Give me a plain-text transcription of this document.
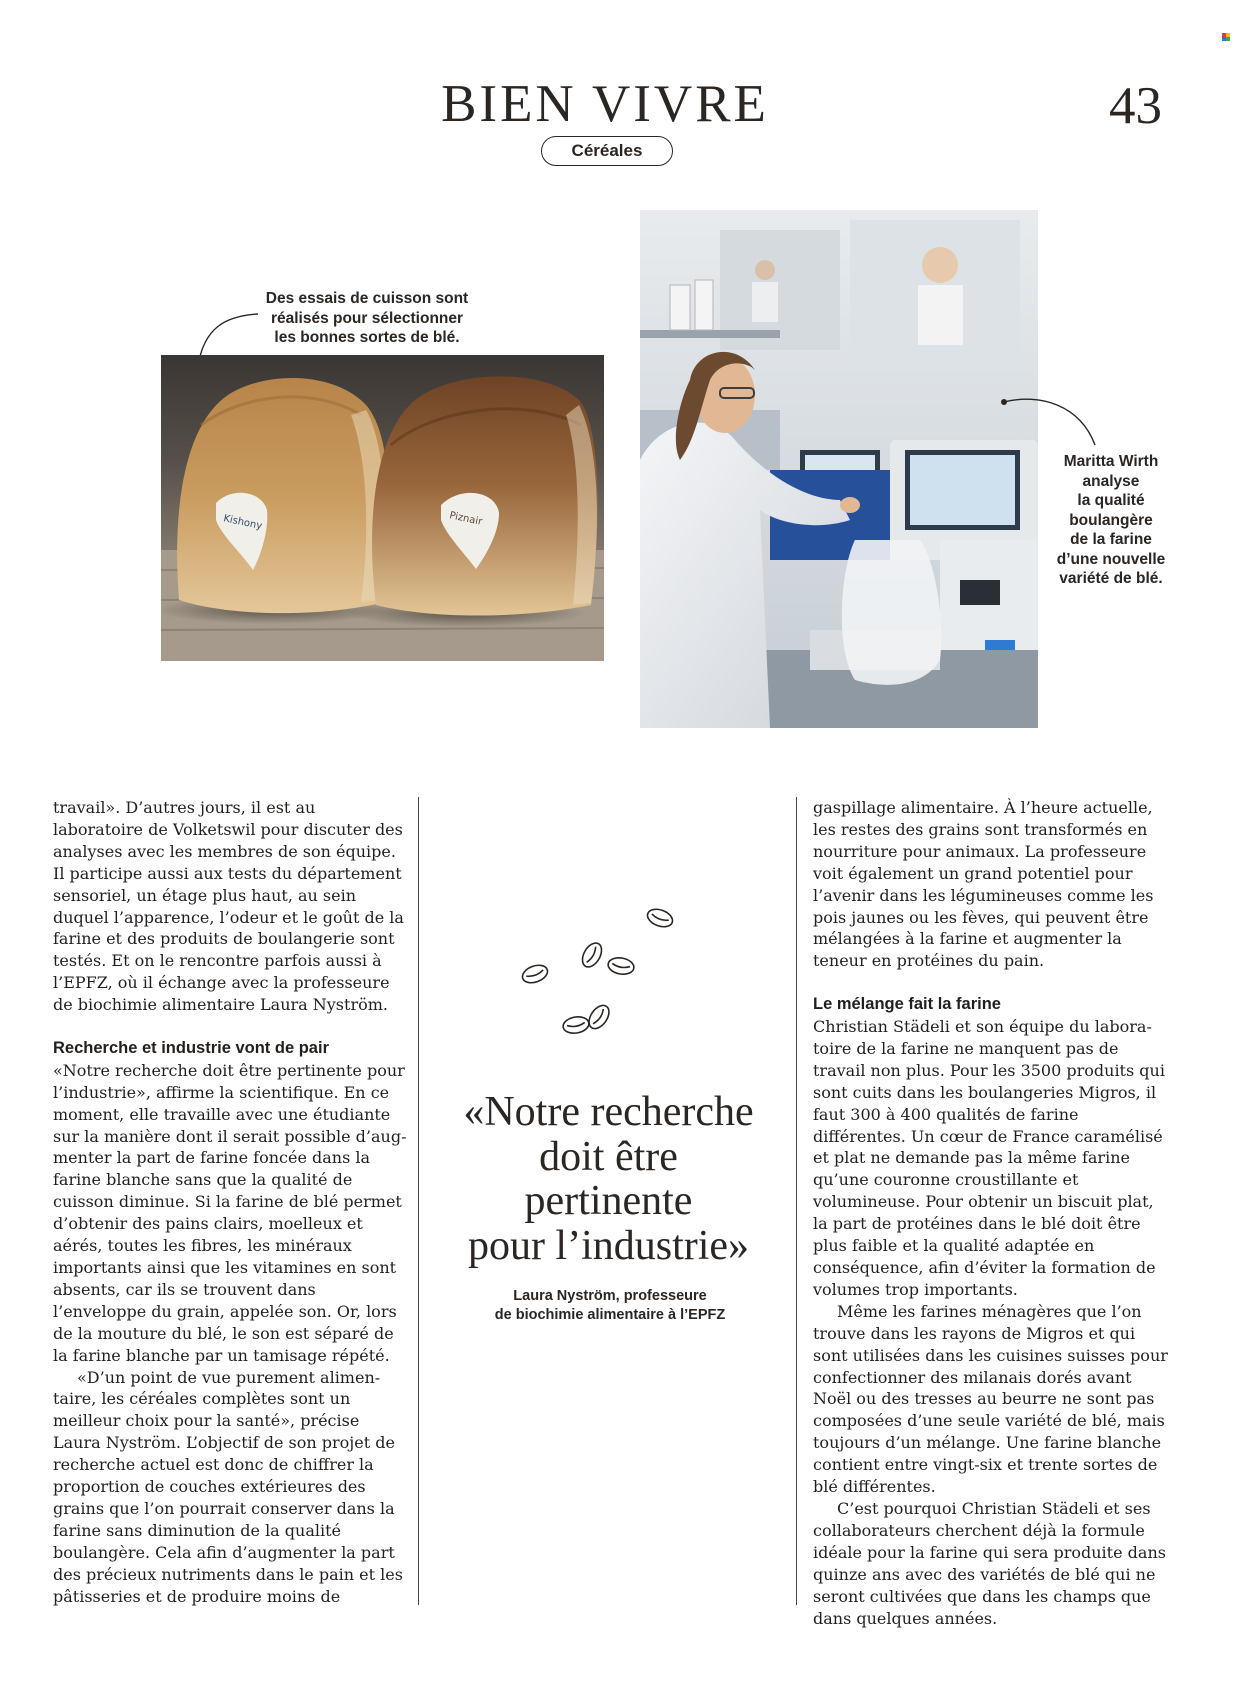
BIEN VIVRE	43
Céréales
Des essais de cuisson sont
réalisés pour sélectionner
les bonnes sortes de blé.
Kishony	Piznair
Maritta Wirth
analyse
la qualité
boulangère
de la farine
d’une nouvelle
variété de blé.

travail». D’autres jours, il est au laboratoire de Volketswil pour discuter des analyses avec les membres de son équipe. Il participe aussi aux tests du département sensoriel, un étage plus haut, au sein duquel l’apparence, l’odeur et le goût de la farine et des produits de boulangerie sont testés. Et on le rencontre parfois aussi à l’EPFZ, où il échange avec la professeure de biochimie alimentaire Laura Nyström.

Recherche et industrie vont de pair

«Notre recherche doit être pertinente pour l’industrie», affirme la scientifique. En ce moment, elle travaille avec une étudiante sur la manière dont il serait possible d’augmenter la part de farine foncée dans la farine blanche sans que la qualité de cuisson diminue. Si la farine de blé permet d’obtenir des pains clairs, moelleux et aérés, toutes les fibres, les minéraux importants ainsi que les vitamines en sont absents, car ils se trouvent dans l’enveloppe du grain, appelée son. Or, lors de la mouture du blé, le son est séparé de la farine blanche par un tamisage répété.

«D’un point de vue purement alimentaire, les céréales complètes sont un meilleur choix pour la santé», précise Laura Nyström. L’objectif de son projet de recherche actuel est donc de chiffrer la proportion de couches extérieures des grains que l’on pourrait conserver dans la farine sans diminution de la qualité boulangère. Cela afin d’augmenter la part des précieux nutriments dans le pain et les pâtisseries et de produire moins de

«Notre recherche
doit être
pertinente
pour l’industrie»
Laura Nyström, professeure
de biochimie alimentaire à l’EPFZ

gaspillage alimentaire. À l’heure actuelle, les restes des grains sont transformés en nourriture pour animaux. La professeure voit également un grand potentiel pour l’avenir dans les légumineuses comme les pois jaunes ou les fèves, qui peuvent être mélangées à la farine et augmenter la teneur en protéines du pain.

Le mélange fait la farine

Christian Städeli et son équipe du laboratoire de la farine ne manquent pas de travail non plus. Pour les 3500 produits qui sont cuits dans les boulangeries Migros, il faut 300 à 400 qualités de farine différentes. Un cœur de France caramélisé et plat ne demande pas la même farine qu’une couronne croustillante et volumineuse. Pour obtenir un biscuit plat, la part de protéines dans le blé doit être plus faible et la qualité adaptée en conséquence, afin d’éviter la formation de volumes trop importants.

Même les farines ménagères que l’on trouve dans les rayons de Migros et qui sont utilisées dans les cuisines suisses pour confectionner des milanais dorés avant Noël ou des tresses au beurre ne sont pas composées d’une seule variété de blé, mais toujours d’un mélange. Une farine blanche contient entre vingt-six et trente sortes de blé différentes.

C’est pourquoi Christian Städeli et ses collaborateurs cherchent déjà la formule idéale pour la farine qui sera produite dans quinze ans avec des variétés de blé qui ne seront cultivées que dans les champs que dans quelques années.
